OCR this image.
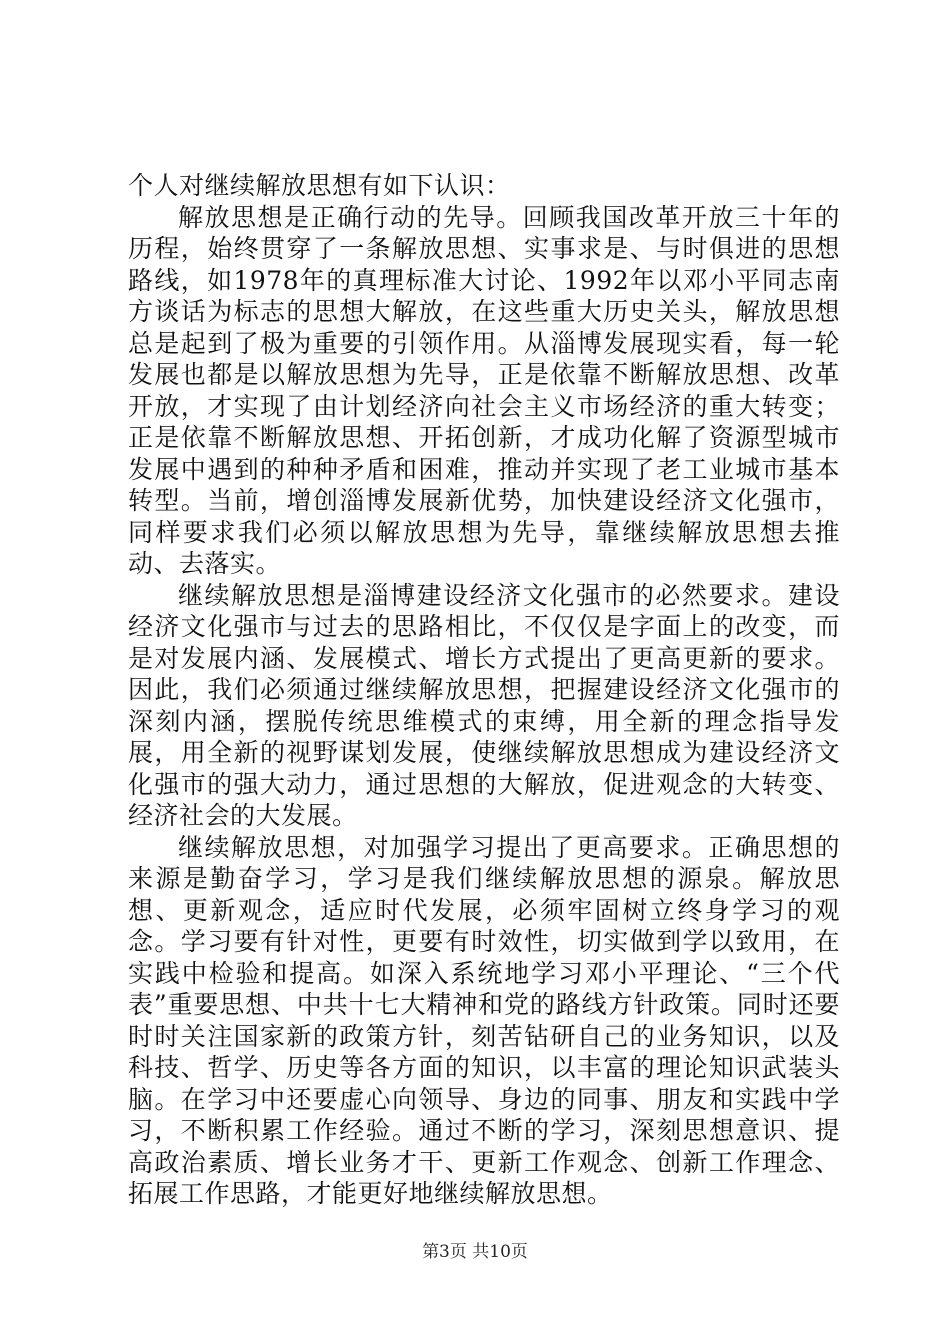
个人对继续解放思想有如下认识：

解放思想是正确行动的先导。回顾我国改革开放三十年的历程，始终贯穿了一条解放思想、实事求是、与时俱进的思想路线，如1978年的真理标准大讨论、1992年以邓小平同志南方谈话为标志的思想大解放，在这些重大历史关头，解放思想总是起到了极为重要的引领作用。从淄博发展现实看，每一轮发展也都是以解放思想为先导，正是依靠不断解放思想、改革开放，才实现了由计划经济向社会主义市场经济的重大转变；正是依靠不断解放思想、开拓创新，才成功化解了资源型城市发展中遇到的种种矛盾和困难，推动并实现了老工业城市基本转型。当前，增创淄博发展新优势，加快建设经济文化强市，同样要求我们必须以解放思想为先导，靠继续解放思想去推动、去落实。

继续解放思想是淄博建设经济文化强市的必然要求。建设经济文化强市与过去的思路相比，不仅仅是字面上的改变，而是对发展内涵、发展模式、增长方式提出了更高更新的要求。因此，我们必须通过继续解放思想，把握建设经济文化强市的深刻内涵，摆脱传统思维模式的束缚，用全新的理念指导发展，用全新的视野谋划发展，使继续解放思想成为建设经济文化强市的强大动力，通过思想的大解放，促进观念的大转变、经济社会的大发展。

继续解放思想，对加强学习提出了更高要求。正确思想的来源是勤奋学习，学习是我们继续解放思想的源泉。解放思想、更新观念，适应时代发展，必须牢固树立终身学习的观念。学习要有针对性，更要有时效性，切实做到学以致用，在实践中检验和提高。如深入系统地学习邓小平理论、“三个代表”重要思想、中共十七大精神和党的路线方针政策。同时还要时时关注国家新的政策方针，刻苦钻研自己的业务知识，以及科技、哲学、历史等各方面的知识，以丰富的理论知识武装头脑。在学习中还要虚心向领导、身边的同事、朋友和实践中学习，不断积累工作经验。通过不断的学习，深刻思想意识、提高政治素质、增长业务才干、更新工作观念、创新工作理念、拓展工作思路，才能更好地继续解放思想。

第3页 共10页
